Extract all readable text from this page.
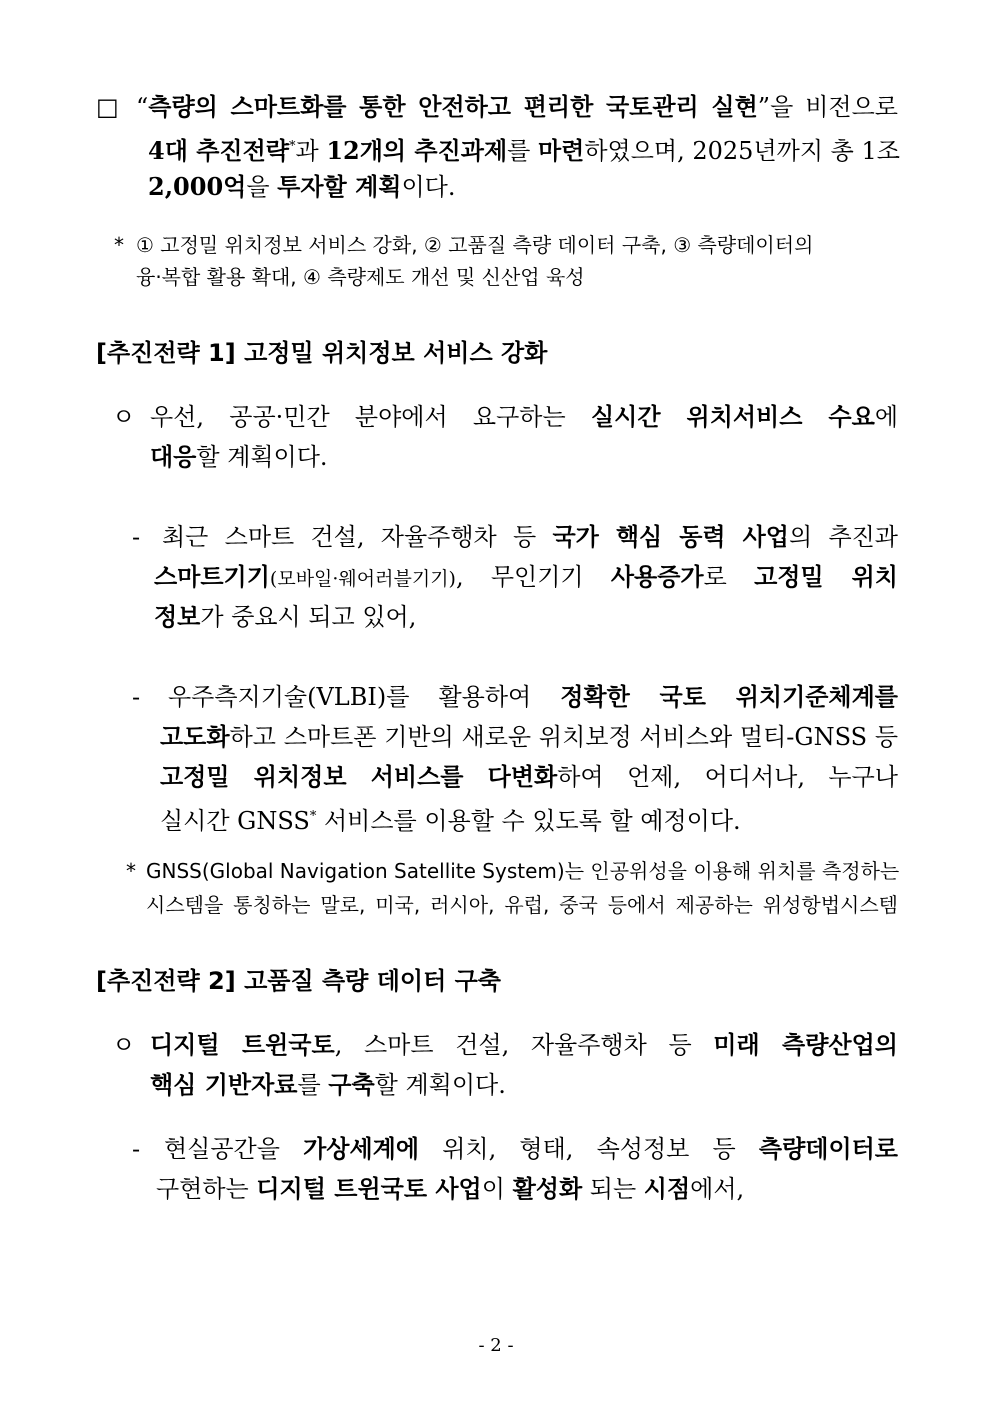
□ “측량의 스마트화를 통한 안전하고 편리한 국토관리 실현”을 비전으로
4대 추진전략*과 12개의 추진과제를 마련하였으며, 2025년까지 총 1조
2,000억을 투자할 계획이다.
* ① 고정밀 위치정보 서비스 강화, ② 고품질 측량 데이터 구축, ③ 측량데이터의
융·복합 활용 확대, ④ 측량제도 개선 및 신산업 육성
[추진전략 1] 고정밀 위치정보 서비스 강화
ㅇ 우선, 공공·민간 분야에서 요구하는 실시간 위치서비스 수요에
대응할 계획이다.
- 최근 스마트 건설, 자율주행차 등 국가 핵심 동력 사업의 추진과
스마트기기(모바일·웨어러블기기), 무인기기 사용증가로 고정밀 위치
정보가 중요시 되고 있어,
- 우주측지기술(VLBI)를 활용하여 정확한 국토 위치기준체계를
고도화하고 스마트폰 기반의 새로운 위치보정 서비스와 멀티-GNSS 등
고정밀 위치정보 서비스를 다변화하여 언제, 어디서나, 누구나
실시간 GNSS* 서비스를 이용할 수 있도록 할 예정이다.
* GNSS(Global Navigation Satellite System)는 인공위성을 이용해 위치를 측정하는
시스템을 통칭하는 말로, 미국, 러시아, 유럽, 중국 등에서 제공하는 위성항법시스템
[추진전략 2] 고품질 측량 데이터 구축
ㅇ 디지털 트윈국토, 스마트 건설, 자율주행차 등 미래 측량산업의
핵심 기반자료를 구축할 계획이다.
- 현실공간을 가상세계에 위치, 형태, 속성정보 등 측량데이터로
구현하는 디지털 트윈국토 사업이 활성화 되는 시점에서,
- 2 -
